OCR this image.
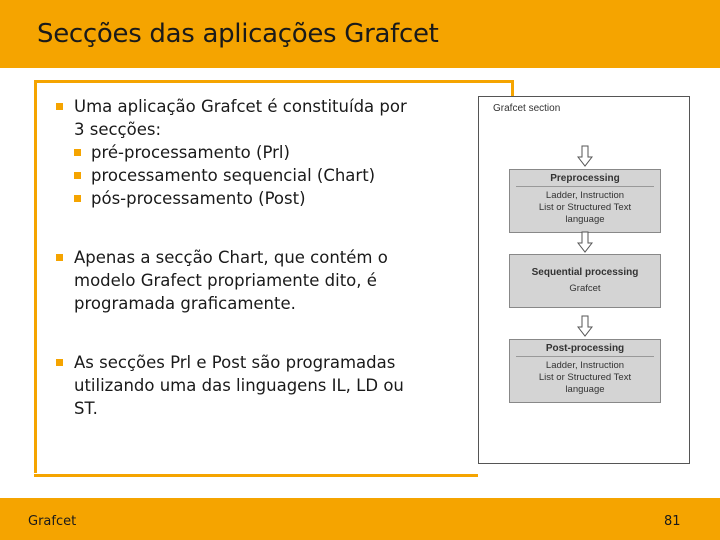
Secções das aplicações Grafcet
Uma aplicação Grafcet é constituída por
3 secções:
pré-processamento (Prl)
processamento sequencial (Chart)
pós-processamento (Post)
Apenas a secção Chart, que contém o
modelo Grafect propriamente dito, é
programada graficamente.
As secções Prl e Post são programadas
utilizando uma das linguagens IL, LD ou
ST.
Grafcet section
Preprocessing
Ladder, Instruction
List or Structured Text
language
Sequential processing
Grafcet
Post-processing
Ladder, Instruction
List or Structured Text
language
Grafcet	81
